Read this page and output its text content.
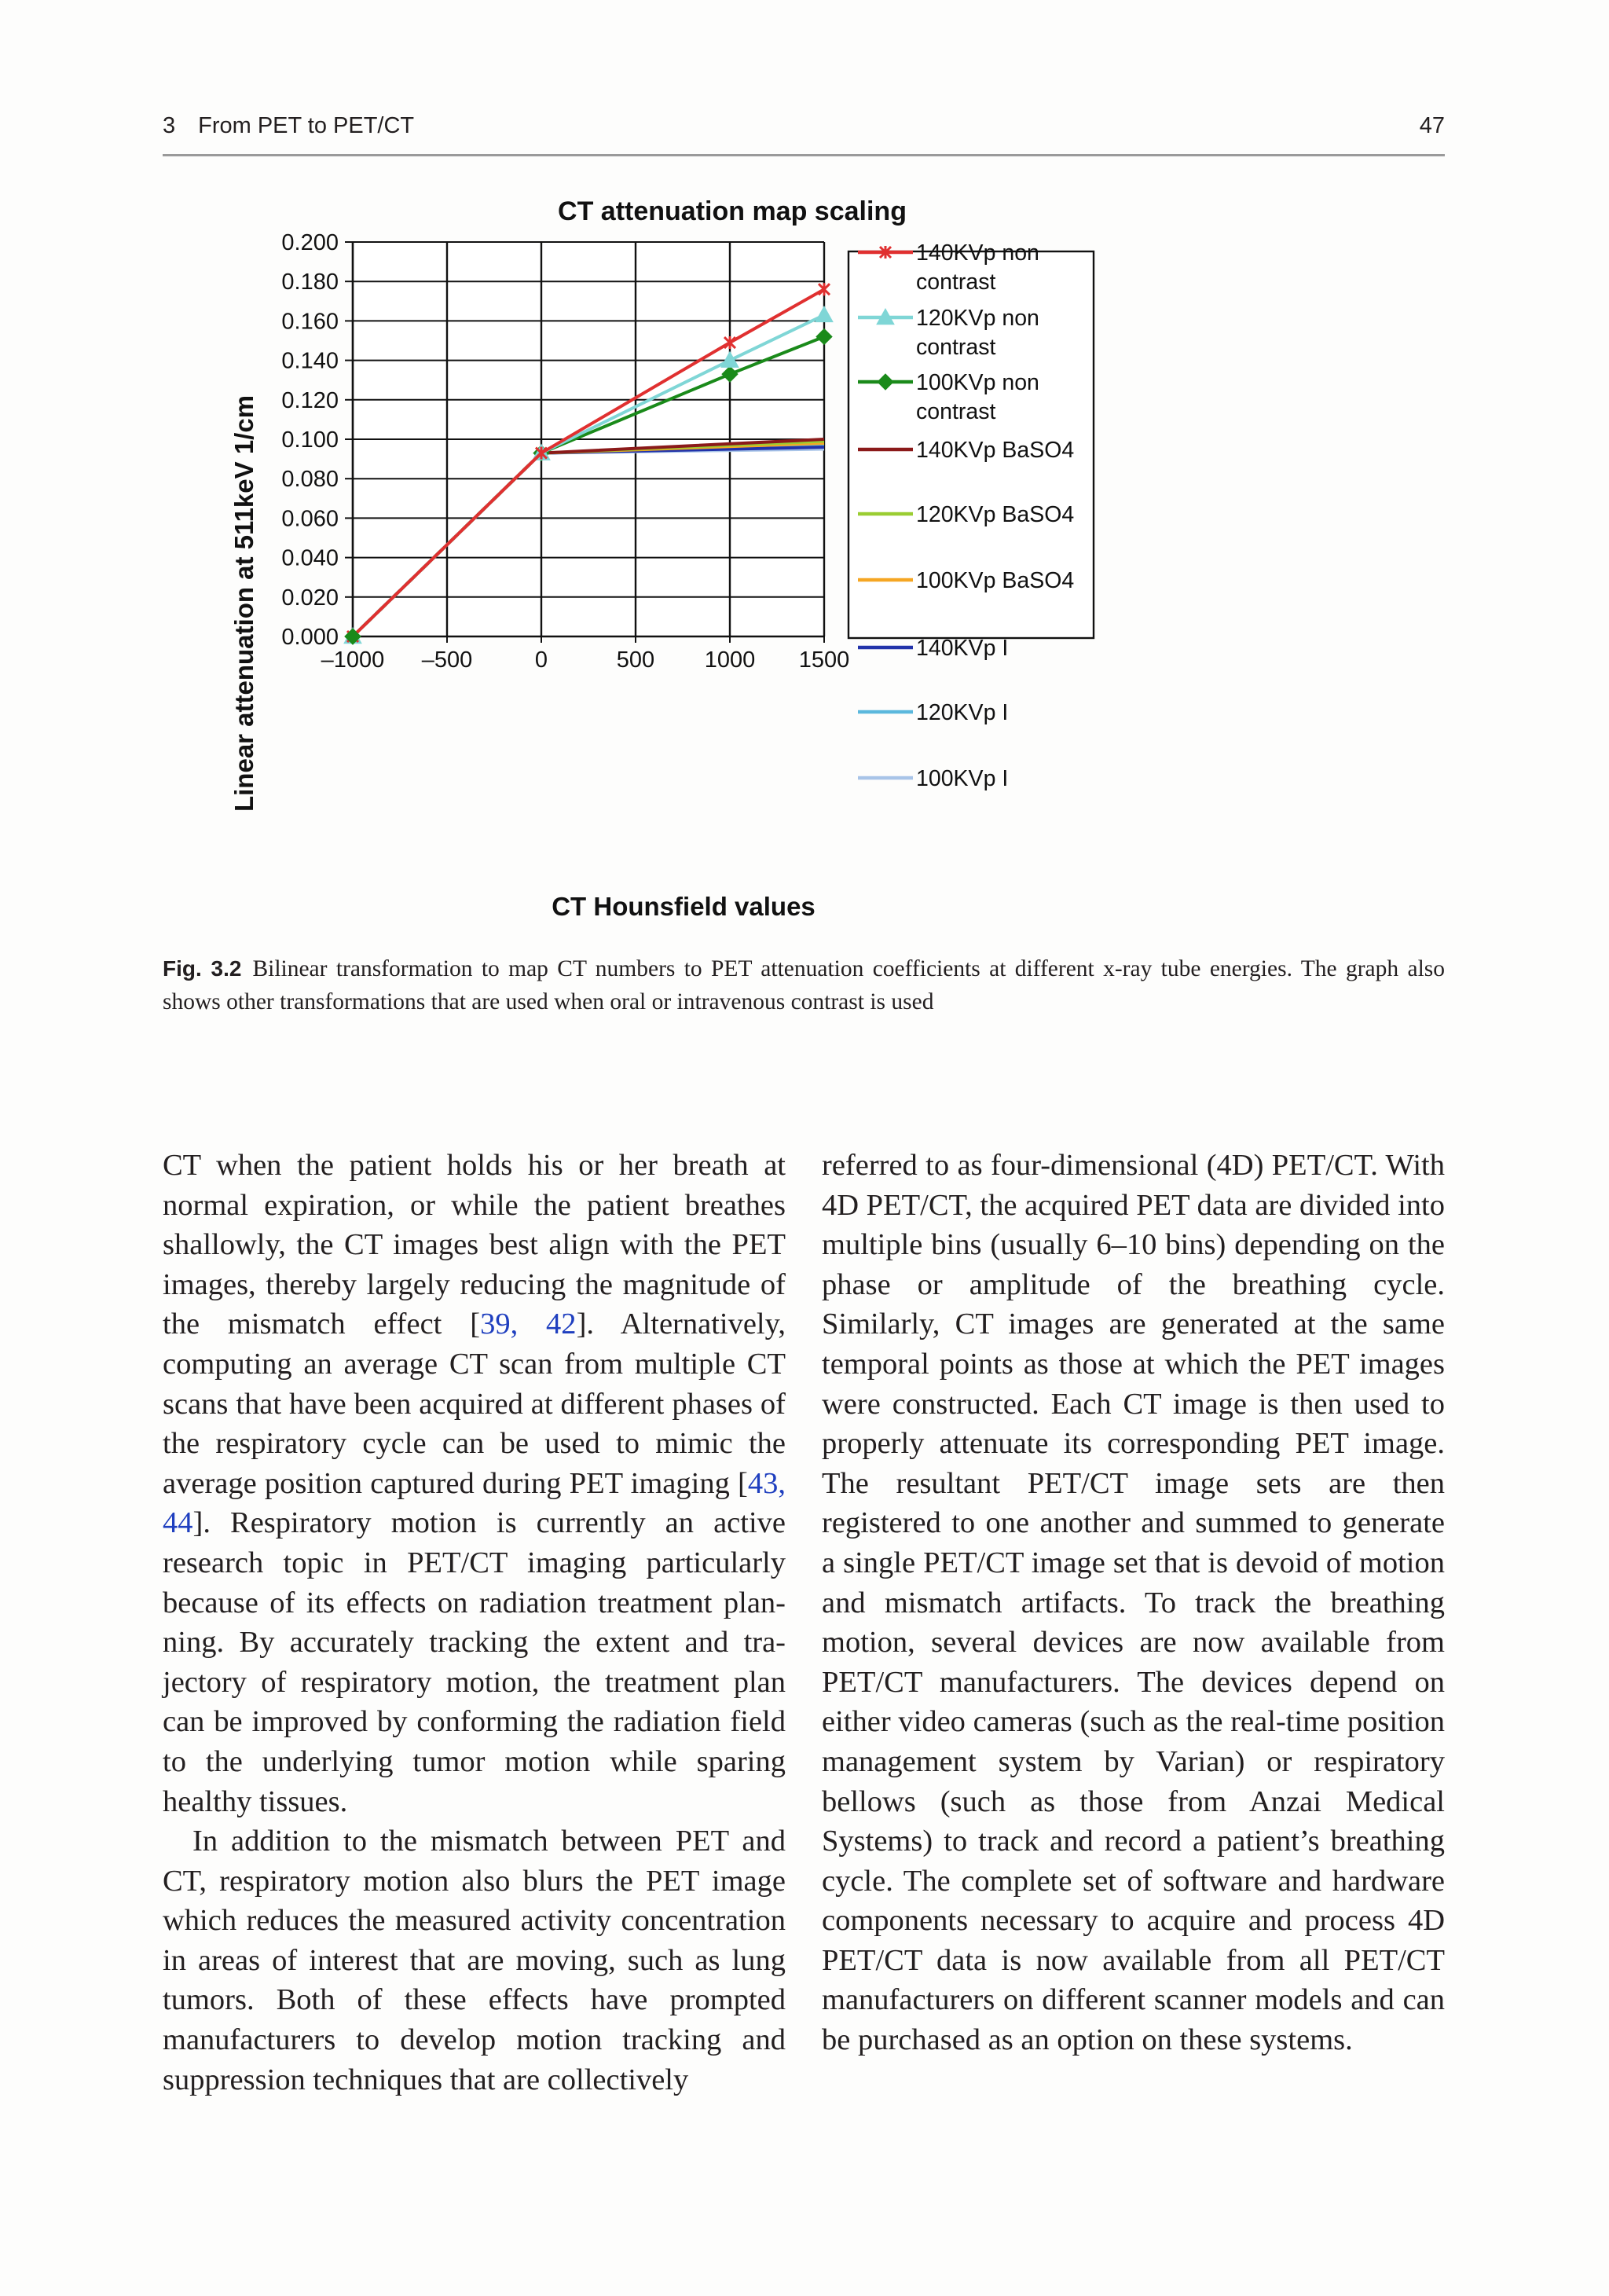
3 From PET to PET/CT	47
0.000
0.020
0.040
0.060
0.080
0.100
0.120
0.140
0.160
0.180
0.200
–1000 –500	0	500 1000 1500
140KVp non
contrast
120KVp non
contrast
100KVp non
contrast
140KVp BaSO4
120KVp BaSO4
100KVp BaSO4
140KVp I
120KVp I
100KVp I
CT attenuation map scaling
CT Hounsfield values
Linear attenuation at 511keV 1/cm
Fig. 3.2 Bilinear transformation to map CT numbers to PET attenuation coefficients at different x-ray tube energies. The graph also shows other transformations that are used when oral or intravenous contrast is used

CT when the patient holds his or her breath at normal expiration, or while the patient breathes shallowly, the CT images best align with the PET images, thereby largely reducing the magnitude of the mismatch effect [39, 42]. Alternatively, computing an average CT scan from multiple CT scans that have been acquired at different phases of the respiratory cycle can be used to mimic the average position captured during PET imaging [43, 44]. Respiratory motion is currently an active research topic in PET/CT imaging particularly because of its effects on radiation treatment planning. By accurately tracking the extent and trajectory of respiratory motion, the treatment plan can be improved by conforming the radiation field to the underlying tumor motion while sparing healthy tissues.

In addition to the mismatch between PET and CT, respiratory motion also blurs the PET image which reduces the measured activity concentration in areas of interest that are moving, such as lung tumors. Both of these effects have prompted manufacturers to develop motion tracking and suppression techniques that are collectively

referred to as four-dimensional (4D) PET/CT. With 4D PET/CT, the acquired PET data are divided into multiple bins (usually 6–10 bins) depending on the phase or amplitude of the breathing cycle. Similarly, CT images are generated at the same temporal points as those at which the PET images were constructed. Each CT image is then used to properly attenuate its corresponding PET image. The resultant PET/CT image sets are then registered to one another and summed to generate a single PET/CT image set that is devoid of motion and mismatch artifacts. To track the breathing motion, several devices are now available from PET/CT manufacturers. The devices depend on either video cameras (such as the real-time position management system by Varian) or respiratory bellows (such as those from Anzai Medical Systems) to track and record a patient’s breathing cycle. The complete set of software and hardware components necessary to acquire and process 4D PET/CT data is now available from all PET/CT manufacturers on different scanner models and can be purchased as an option on these systems.
